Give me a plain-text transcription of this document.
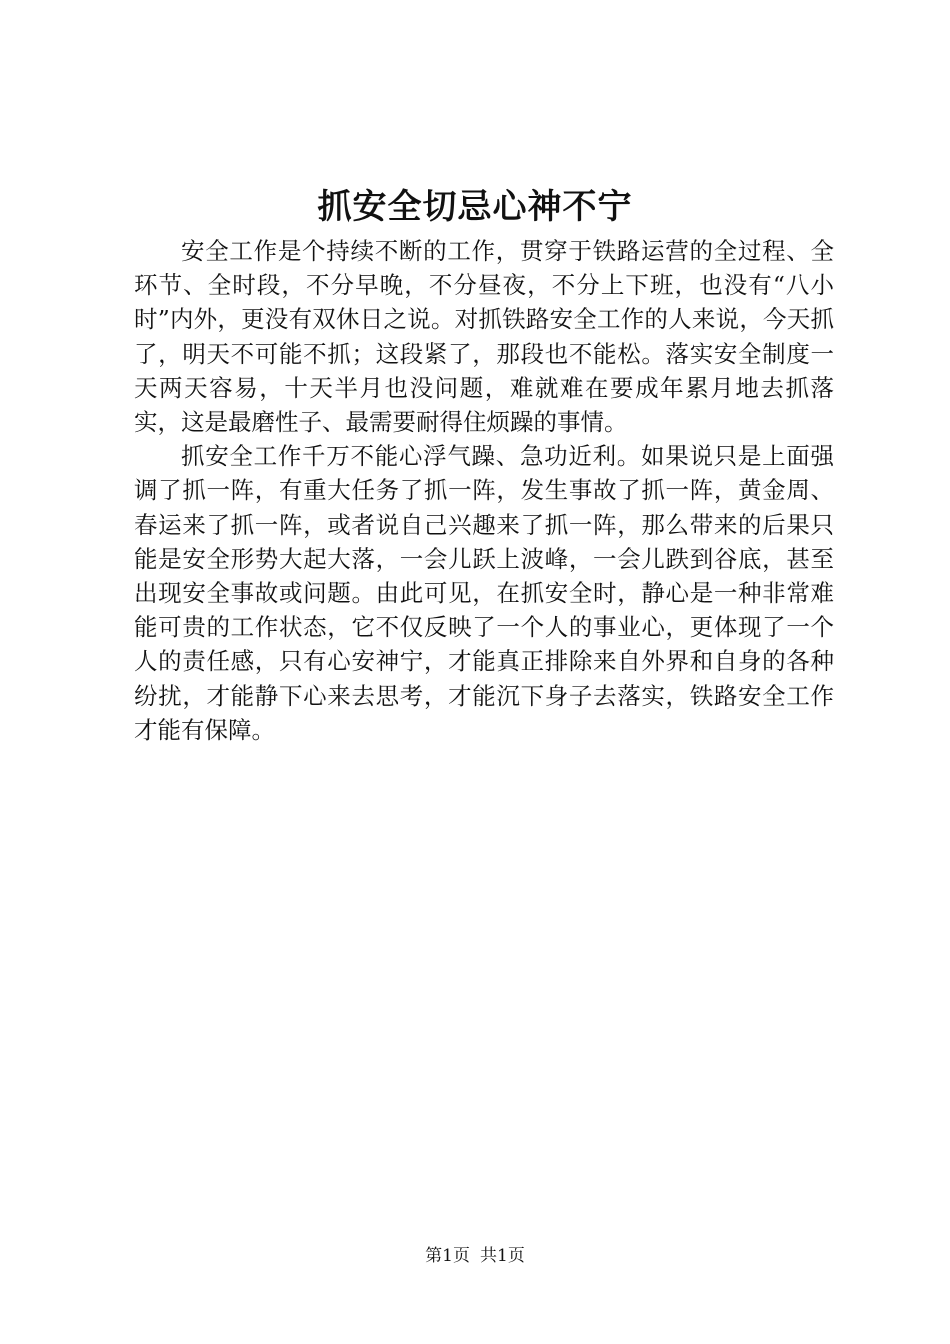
抓安全切忌心神不宁

安全工作是个持续不断的工作，贯穿于铁路运营的全过程、全环节、全时段，不分早晚，不分昼夜，不分上下班，也没有“八小时”内外，更没有双休日之说。对抓铁路安全工作的人来说，今天抓了，明天不可能不抓；这段紧了，那段也不能松。落实安全制度一天两天容易，十天半月也没问题，难就难在要成年累月地去抓落实，这是最磨性子、最需要耐得住烦躁的事情。

抓安全工作千万不能心浮气躁、急功近利。如果说只是上面强调了抓一阵，有重大任务了抓一阵，发生事故了抓一阵，黄金周、春运来了抓一阵，或者说自己兴趣来了抓一阵，那么带来的后果只能是安全形势大起大落，一会儿跃上波峰，一会儿跌到谷底，甚至出现安全事故或问题。由此可见，在抓安全时，静心是一种非常难能可贵的工作状态，它不仅反映了一个人的事业心，更体现了一个人的责任感，只有心安神宁，才能真正排除来自外界和自身的各种纷扰，才能静下心来去思考，才能沉下身子去落实，铁路安全工作才能有保障。

第1页 共1页
